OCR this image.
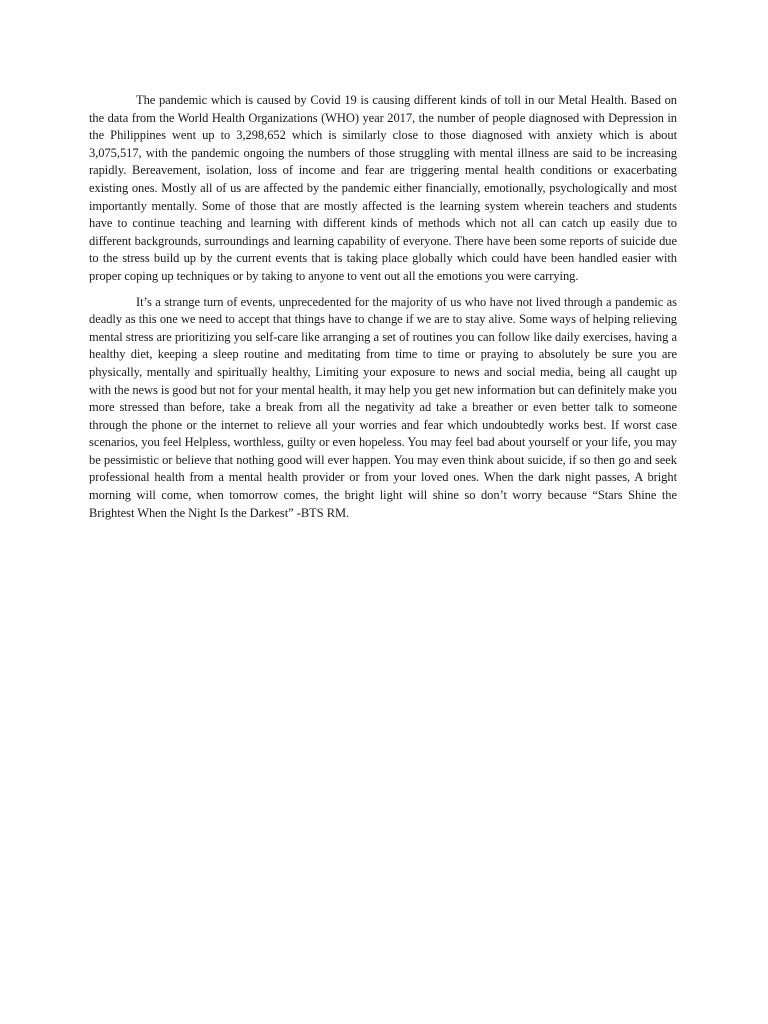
The pandemic which is caused by Covid 19 is causing different kinds of toll in our Metal Health. Based on the data from the World Health Organizations (WHO) year 2017, the number of people diagnosed with Depression in the Philippines went up to 3,298,652 which is similarly close to those diagnosed with anxiety which is about 3,075,517, with the pandemic ongoing the numbers of those struggling with mental illness are said to be increasing rapidly. Bereavement, isolation, loss of income and fear are triggering mental health conditions or exacerbating existing ones. Mostly all of us are affected by the pandemic either financially, emotionally, psychologically and most importantly mentally. Some of those that are mostly affected is the learning system wherein teachers and students have to continue teaching and learning with different kinds of methods which not all can catch up easily due to different backgrounds, surroundings and learning capability of everyone. There have been some reports of suicide due to the stress build up by the current events that is taking place globally which could have been handled easier with proper coping up techniques or by taking to anyone to vent out all the emotions you were carrying.

It’s a strange turn of events, unprecedented for the majority of us who have not lived through a pandemic as deadly as this one we need to accept that things have to change if we are to stay alive. Some ways of helping relieving mental stress are prioritizing you self-care like arranging a set of routines you can follow like daily exercises, having a healthy diet, keeping a sleep routine and meditating from time to time or praying to absolutely be sure you are physically, mentally and spiritually healthy, Limiting your exposure to news and social media, being all caught up with the news is good but not for your mental health, it may help you get new information but can definitely make you more stressed than before, take a break from all the negativity ad take a breather or even better talk to someone through the phone or the internet to relieve all your worries and fear which undoubtedly works best. If worst case scenarios, you feel Helpless, worthless, guilty or even hopeless. You may feel bad about yourself or your life, you may be pessimistic or believe that nothing good will ever happen. You may even think about suicide, if so then go and seek professional health from a mental health provider or from your loved ones. When the dark night passes, A bright morning will come, when tomorrow comes, the bright light will shine so don’t worry because “Stars Shine the Brightest When the Night Is the Darkest” -BTS RM.
